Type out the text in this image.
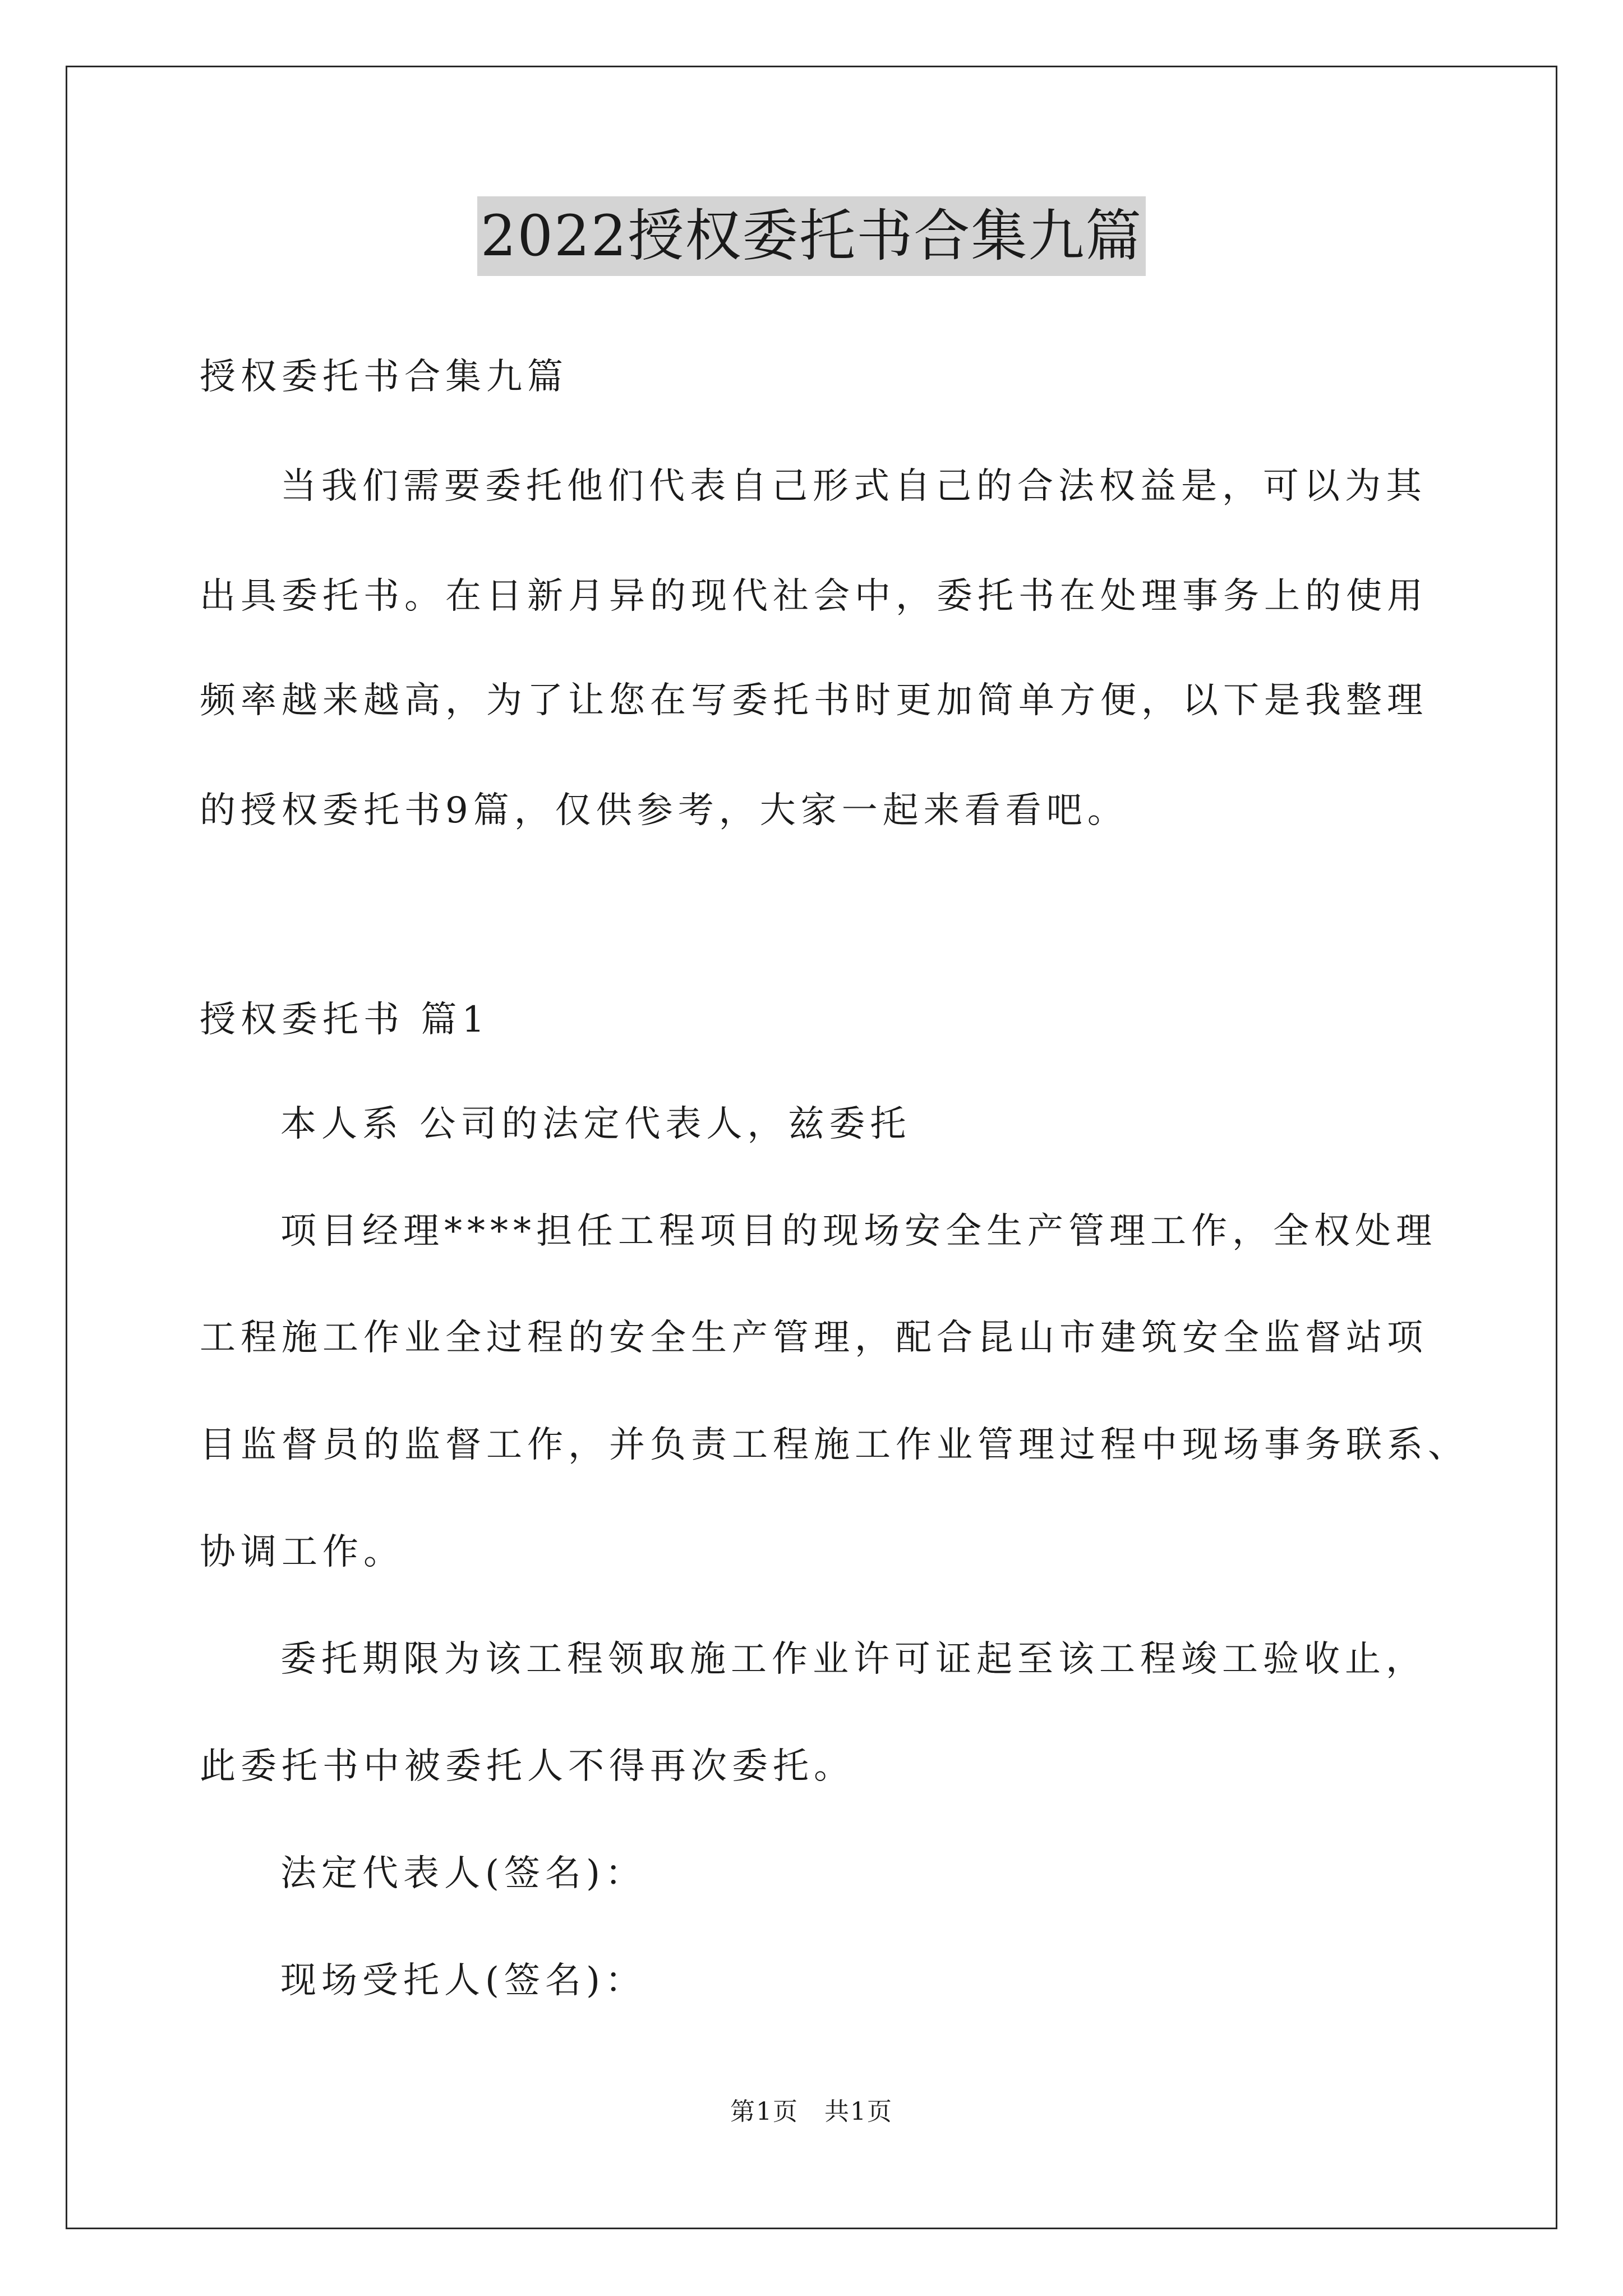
2022授权委托书合集九篇
授权委托书合集九篇
当我们需要委托他们代表自己形式自己的合法权益是，可以为其
出具委托书。在日新月异的现代社会中，委托书在处理事务上的使用
频率越来越高，为了让您在写委托书时更加简单方便，以下是我整理
的授权委托书9篇，仅供参考，大家一起来看看吧。
授权委托书 篇1
本人系 公司的法定代表人，兹委托
项目经理****担任工程项目的现场安全生产管理工作，全权处理
工程施工作业全过程的安全生产管理，配合昆山市建筑安全监督站项
目监督员的监督工作，并负责工程施工作业管理过程中现场事务联系、
协调工作。
委托期限为该工程领取施工作业许可证起至该工程竣工验收止，
此委托书中被委托人不得再次委托。
法定代表人(签名)：
现场受托人(签名)：
第1页　共1页
